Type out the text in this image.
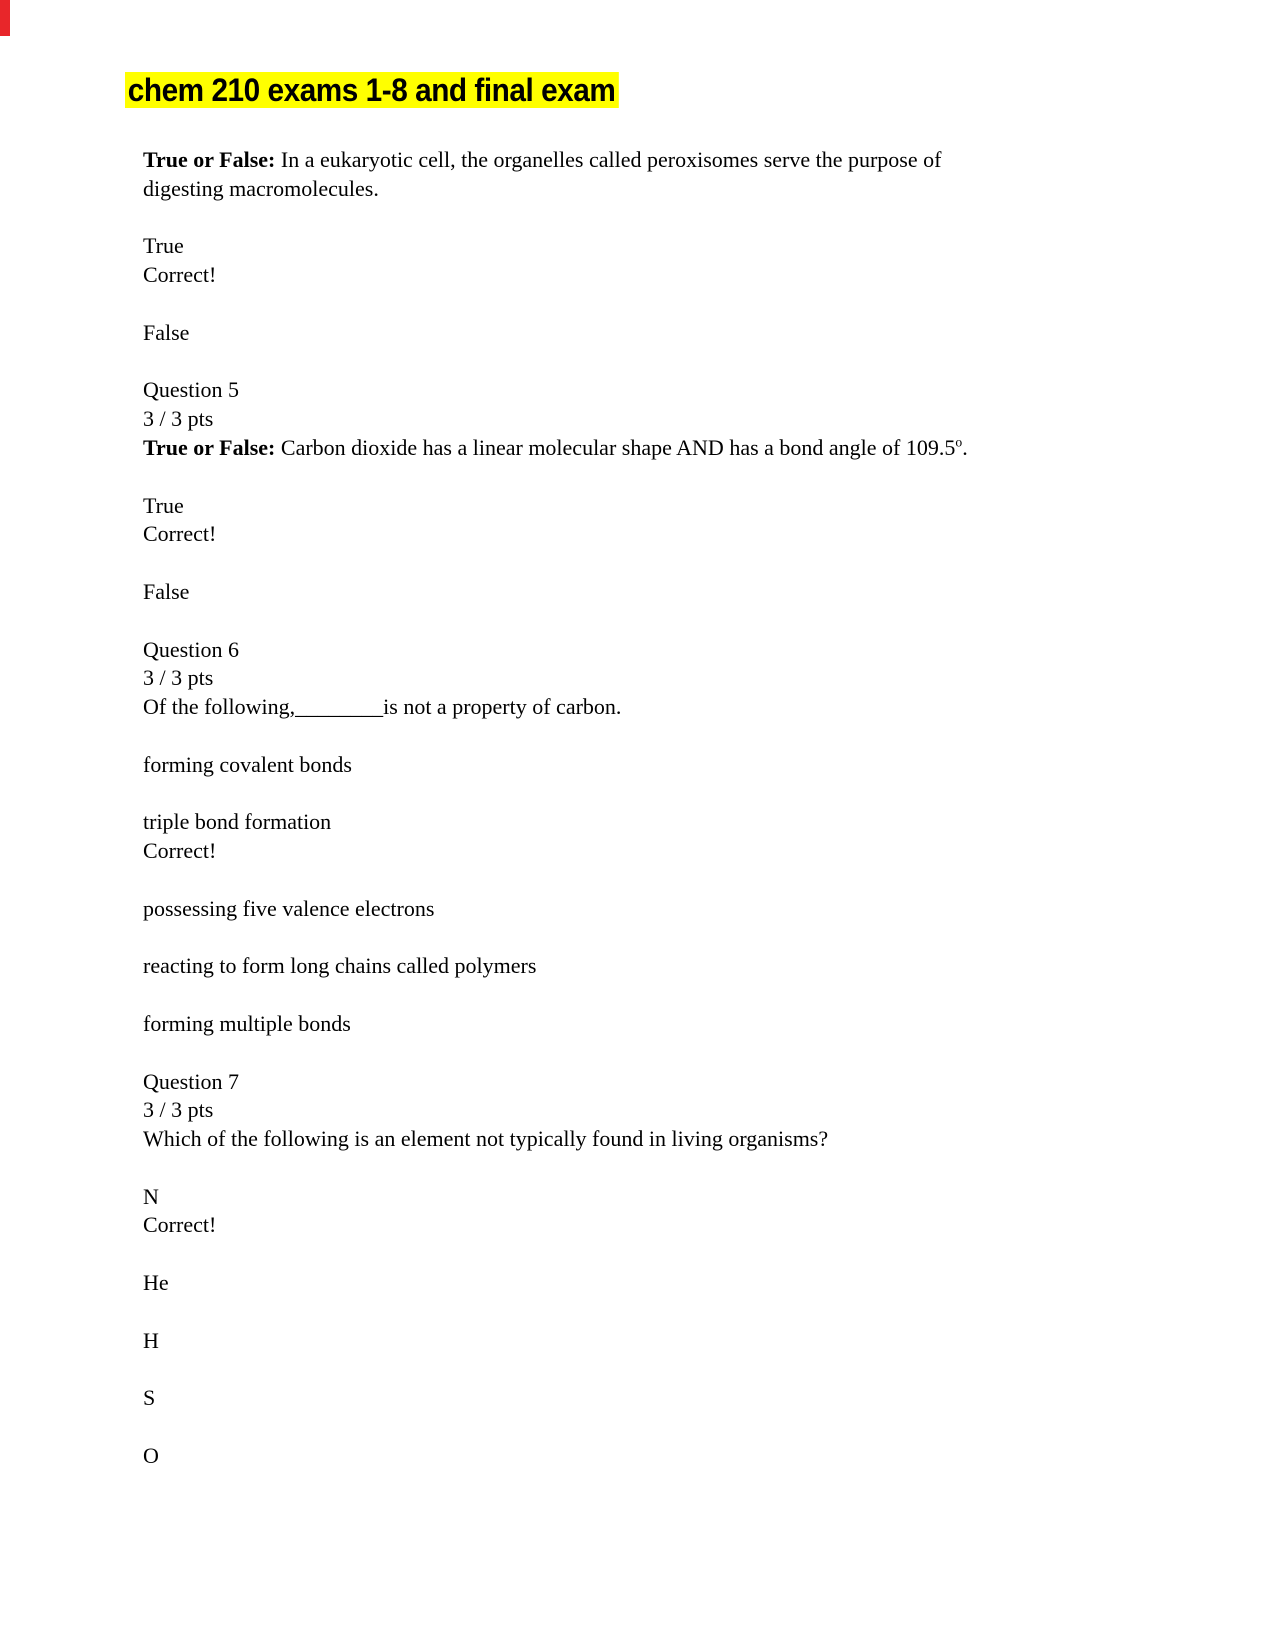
chem 210 exams 1-8 and final exam
True or False: In a eukaryotic cell, the organelles called peroxisomes serve the purpose of
digesting macromolecules.
True
Correct!
False
Question 5
3 / 3 pts
True or False: Carbon dioxide has a linear molecular shape AND has a bond angle of 109.5$^o$.
True
Correct!
False
Question 6
3 / 3 pts
Of the following,________is not a property of carbon.
forming covalent bonds
triple bond formation
Correct!
possessing five valence electrons
reacting to form long chains called polymers
forming multiple bonds
Question 7
3 / 3 pts
Which of the following is an element not typically found in living organisms?
N
Correct!
He
H
S
O
